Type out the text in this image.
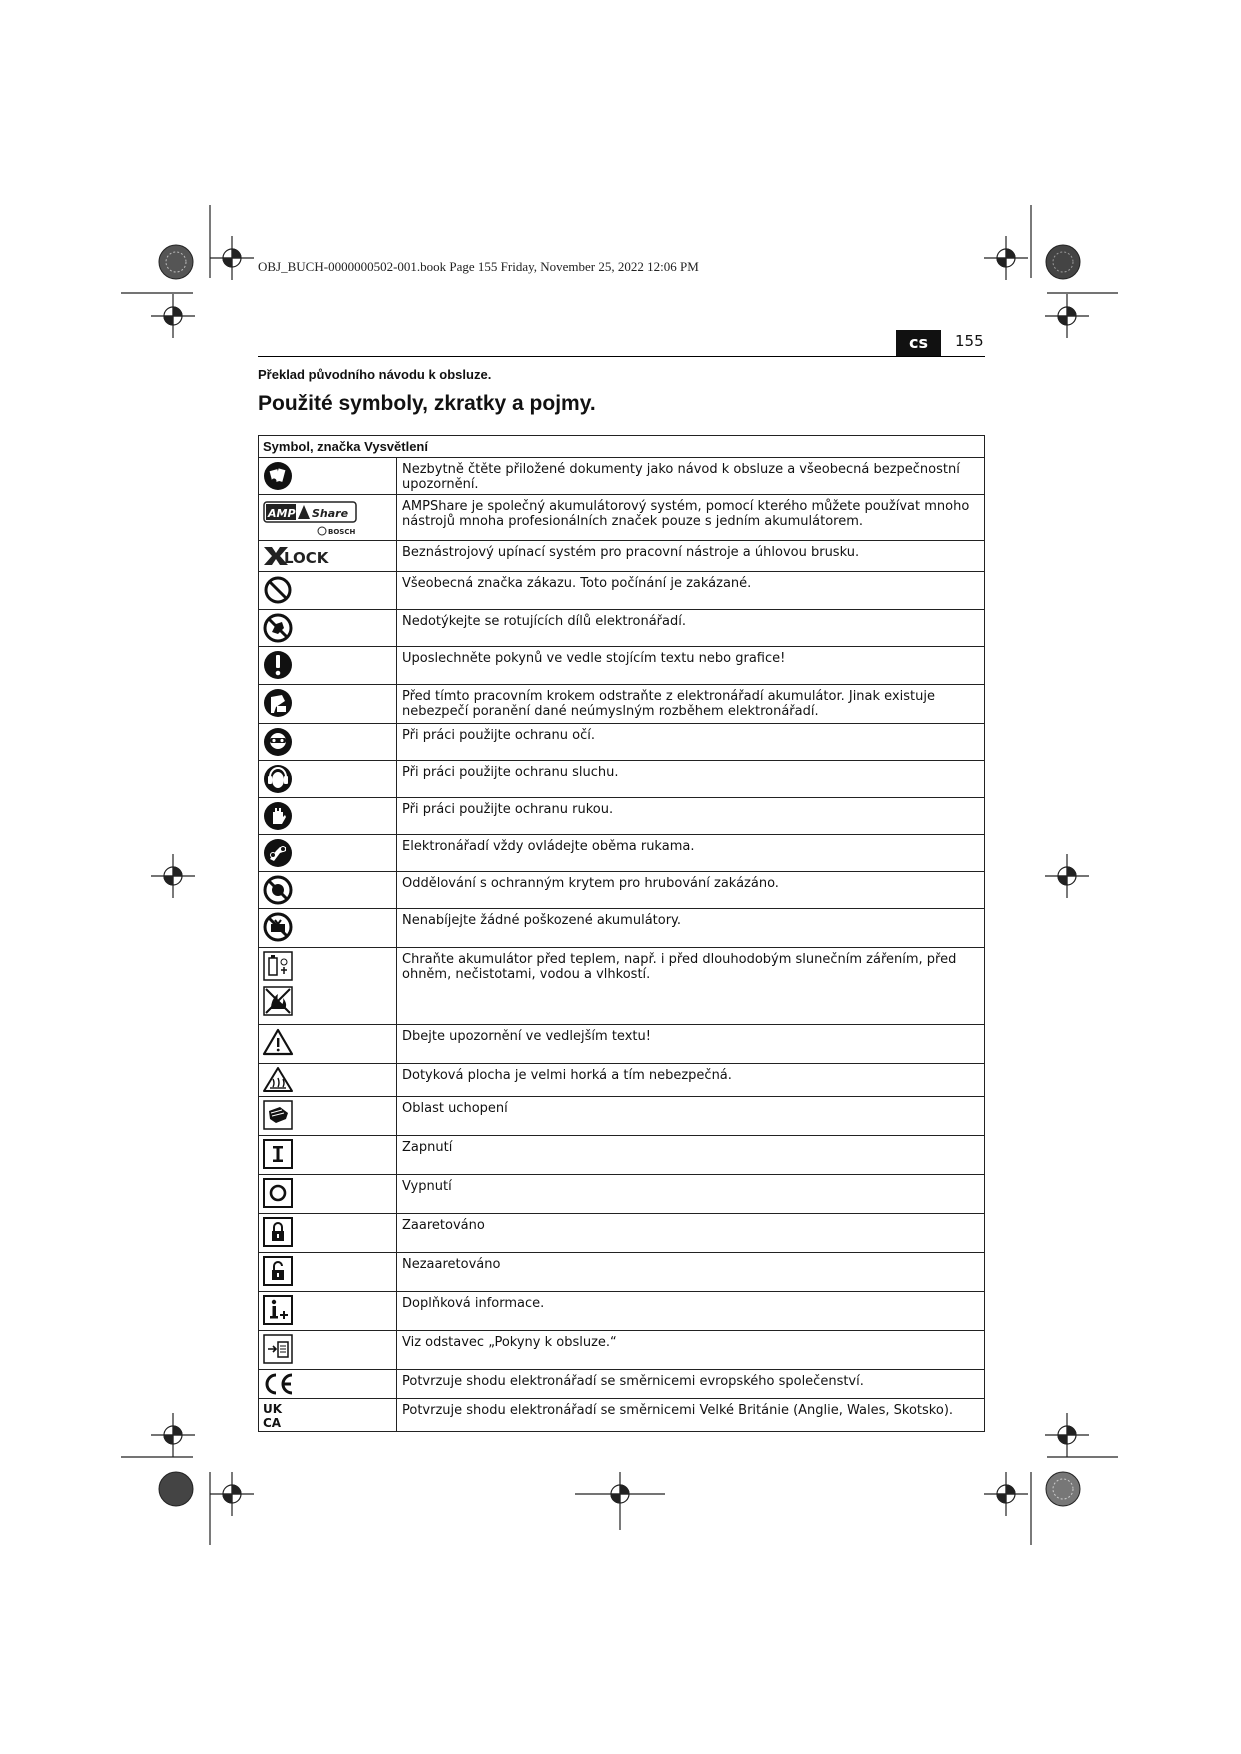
OBJ_BUCH-0000000502-001.book Page 155 Friday, November 25, 2022 12:06 PM
cs	155
Překlad původního návodu k obsluze.
Použité symboly, zkratky a pojmy.
Symbol, značka Vysvětlení	

	Nezbytně čtěte přiložené dokumenty jako návod k obsluze a všeobecná bezpečnostní upozornění.

AMP Share
BOSCH	AMPShare je společný akumulátorový systém, pomocí kterého můžete používat mnoho nástrojů mnoha profesionálních značek pouze s jedním akumulátorem.

LOCK	Beznástrojový upínací systém pro pracovní nástroje a úhlovou brusku.

	Všeobecná značka zákazu. Toto počínání je zakázané.

	Nedotýkejte se rotujících dílů elektronářadí.

	Uposlechněte pokynů ve vedle stojícím textu nebo grafice!

	Před tímto pracovním krokem odstraňte z elektronářadí akumulátor. Jinak existuje nebezpečí poranění dané neúmyslným rozběhem elektronářadí.

	Při práci použijte ochranu očí.

	Při práci použijte ochranu sluchu.

	Při práci použijte ochranu rukou.

	Elektronářadí vždy ovládejte oběma rukama.

	Oddělování s ochranným krytem pro hrubování zakázáno.

	Nenabíjejte žádné poškozené akumulátory.

	Chraňte akumulátor před teplem, např. i před dlouhodobým slunečním zářením, před ohněm, nečistotami, vodou a vlhkostí.

	Dbejte upozornění ve vedlejším textu!

	Dotyková plocha je velmi horká a tím nebezpečná.

	Oblast uchopení

	Zapnutí

	Vypnutí

	Zaaretováno

	Nezaaretováno

	Doplňková informace.

	Viz odstavec „Pokyny k obsluze.“

	Potvrzuje shodu elektronářadí se směrnicemi evropského společenství.

UK
CA	Potvrzuje shodu elektronářadí se směrnicemi Velké Británie (Anglie, Wales, Skotsko).
